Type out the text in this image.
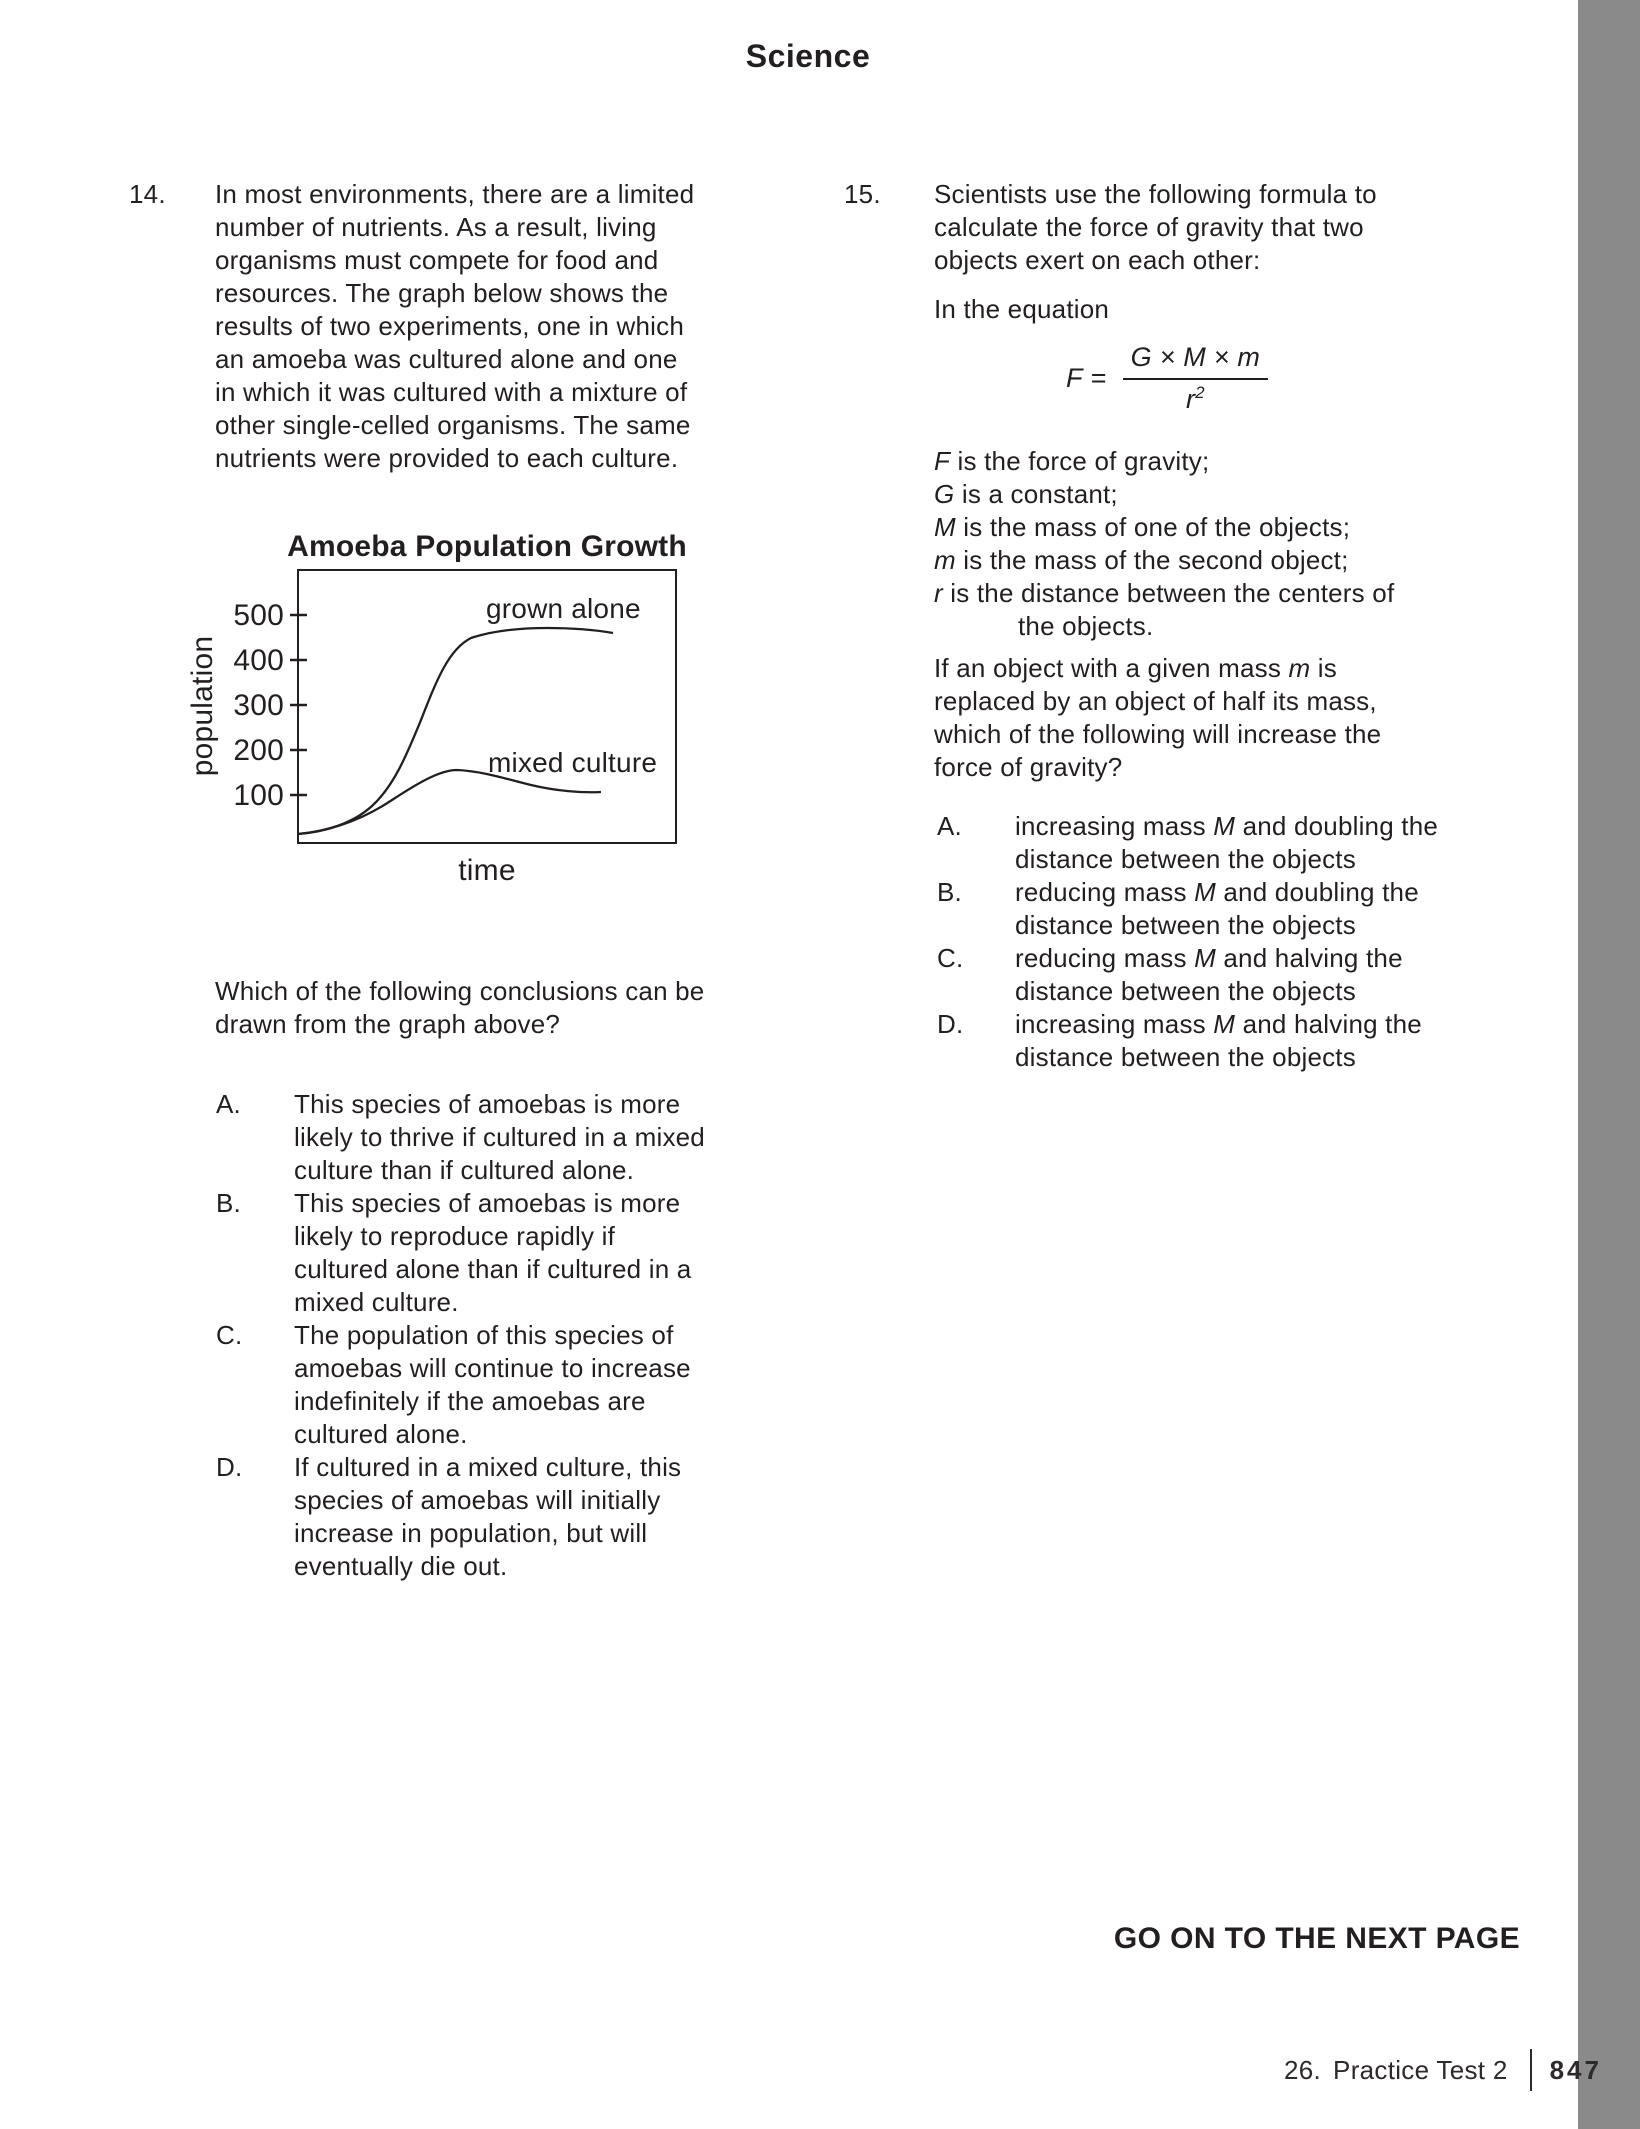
Science
14.	In most environments, there are a limited
number of nutrients. As a result, living
organisms must compete for food and
resources. The graph below shows the
results of two experiments, one in which
an amoeba was cultured alone and one
in which it was cultured with a mixture of
other single-celled organisms. The same
nutrients were provided to each culture.
Amoeba Population Growth
500
400
300
200
100
population
grown alone
mixed culture
time
Which of the following conclusions can be
drawn from the graph above?
A. This species of amoebas is more
likely to thrive if cultured in a mixed
culture than if cultured alone.
B. This species of amoebas is more
likely to reproduce rapidly if
cultured alone than if cultured in a
mixed culture.
C. The population of this species of
amoebas will continue to increase
indefinitely if the amoebas are
cultured alone.
D. If cultured in a mixed culture, this
species of amoebas will initially
increase in population, but will
eventually die out.
15.	Scientists use the following formula to
calculate the force of gravity that two
objects exert on each other:
In the equation
$F = \frac{G \times M \times m}{r^2}$
F is the force of gravity;
G is a constant;
M is the mass of one of the objects;
m is the mass of the second object;
r is the distance between the centers of
the objects.
If an object with a given mass m is
replaced by an object of half its mass,
which of the following will increase the
force of gravity?
A. increasing mass M and doubling the
distance between the objects
B. reducing mass M and doubling the
distance between the objects
C. reducing mass M and halving the
distance between the objects
D. increasing mass M and halving the
distance between the objects
GO ON TO THE NEXT PAGE
26. Practice Test 2 847
